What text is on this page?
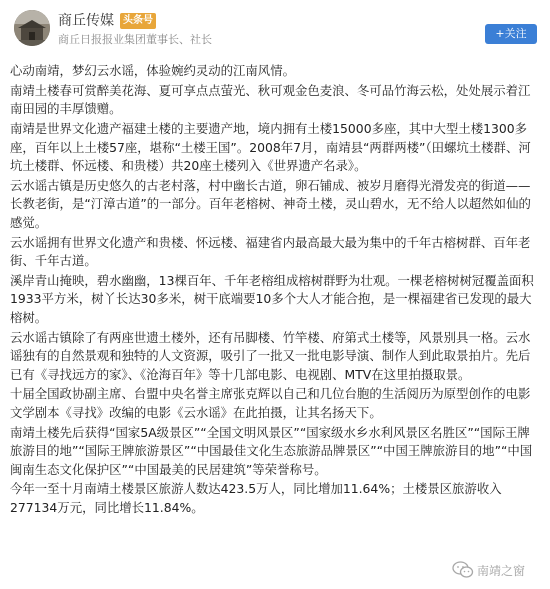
商丘传媒 头条号
商丘日报报业集团董事长、社长	+关注

心动南靖，梦幻云水谣，体验婉约灵动的江南风情。

南靖土楼春可赏醉美花海、夏可享点点萤光、秋可观金色麦浪、冬可品竹海云松，处处展示着江南田园的丰厚馈赠。

南靖是世界文化遗产福建土楼的主要遗产地，境内拥有土楼15000多座，其中大型土楼1300多座，百年以上土楼57座，堪称“土楼王国”。2008年7月，南靖县“两群两楼”（田螺坑土楼群、河坑土楼群、怀远楼、和贵楼）共20座土楼列入《世界遗产名录》。

云水谣古镇是历史悠久的古老村落，村中幽长古道，卵石铺成、被岁月磨得光滑发亮的街道——长教老街，是“汀漳古道”的一部分。百年老榕树、神奇土楼，灵山碧水，无不给人以超然如仙的感觉。

云水谣拥有世界文化遗产和贵楼、怀远楼、福建省内最高最大最为集中的千年古榕树群、百年老街、千年古道。

溪岸青山掩映，碧水幽幽，13棵百年、千年老榕组成榕树群野为壮观。一棵老榕树树冠覆盖面积1933平方米，树丫长达30多米，树干底端要10多个大人才能合抱，是一棵福建省已发现的最大榕树。

云水谣古镇除了有两座世遗土楼外，还有吊脚楼、竹竿楼、府第式土楼等，风景别具一格。云水谣独有的自然景观和独特的人文资源，吸引了一批又一批电影导演、制作人到此取景拍片。先后已有《寻找远方的家》、《沧海百年》等十几部电影、电视剧、MTV在这里拍摄取景。

十届全国政协副主席、台盟中央名誉主席张克辉以自己和几位台胞的生活阅历为原型创作的电影文学剧本《寻找》改编的电影《云水谣》在此拍摄，让其名扬天下。

南靖土楼先后获得“国家5A级景区”“全国文明风景区”“国家级水乡水利风景区名胜区”“国际王牌旅游目的地”“国际王牌旅游景区”“中国最佳文化生态旅游品牌景区”“中国王牌旅游目的地”“中国闽南生态文化保护区”“中国最美的民居建筑”等荣誉称号。

今年一至十月南靖土楼景区旅游人数达423.5万人，同比增加11.64%；土楼景区旅游收入277134万元，同比增长11.84%。

南靖之窗
